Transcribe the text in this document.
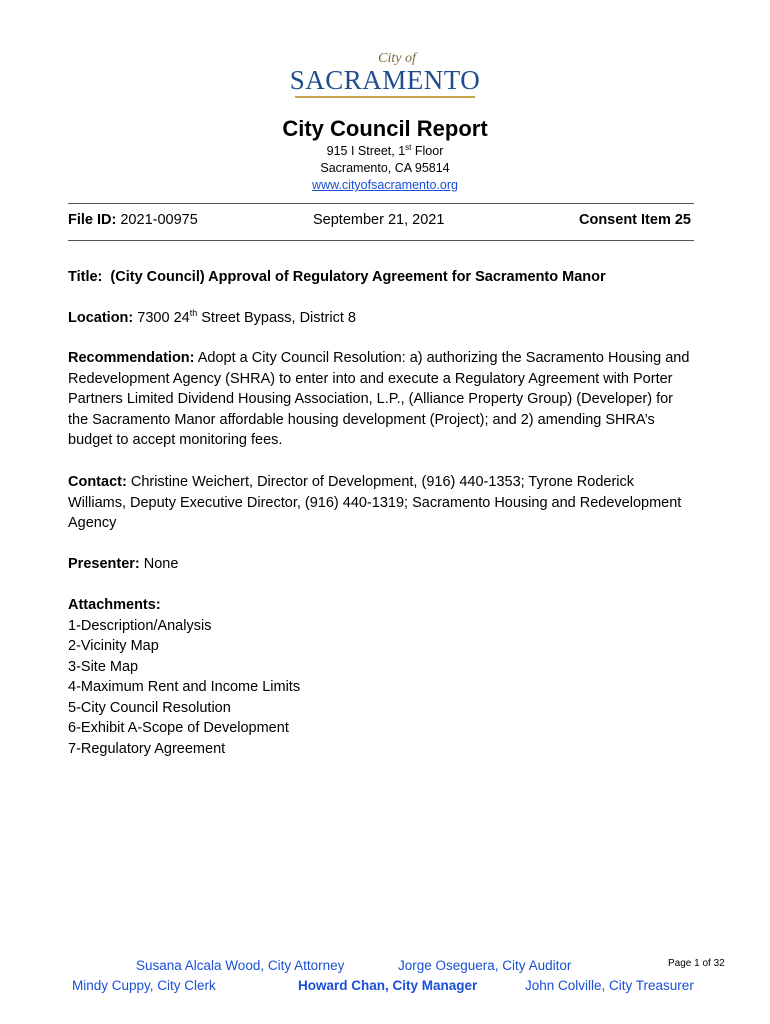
City of
SACRAMENTO
City Council Report
915 I Street, 1st Floor
Sacramento, CA 95814
www.cityofsacramento.org
File ID: 2021-00975	September 21, 2021	Consent Item 25
Title:  (City Council) Approval of Regulatory Agreement for Sacramento Manor
Location: 7300 24th Street Bypass, District 8
Recommendation: Adopt a City Council Resolution: a) authorizing the Sacramento Housing and Redevelopment Agency (SHRA) to enter into and execute a Regulatory Agreement with Porter Partners Limited Dividend Housing Association, L.P., (Alliance Property Group) (Developer) for the Sacramento Manor affordable housing development (Project); and 2) amending SHRA’s budget to accept monitoring fees.
Contact: Christine Weichert, Director of Development, (916) 440-1353; Tyrone Roderick Williams, Deputy Executive Director, (916) 440-1319; Sacramento Housing and Redevelopment Agency
Presenter: None
Attachments:
1-Description/Analysis
2-Vicinity Map
3-Site Map
4-Maximum Rent and Income Limits
5-City Council Resolution
6-Exhibit A-Scope of Development
7-Regulatory Agreement
Susana Alcala Wood, City Attorney	Jorge Oseguera, City Auditor	Page 1 of 32
Mindy Cuppy, City Clerk	Howard Chan, City Manager	John Colville, City Treasurer
